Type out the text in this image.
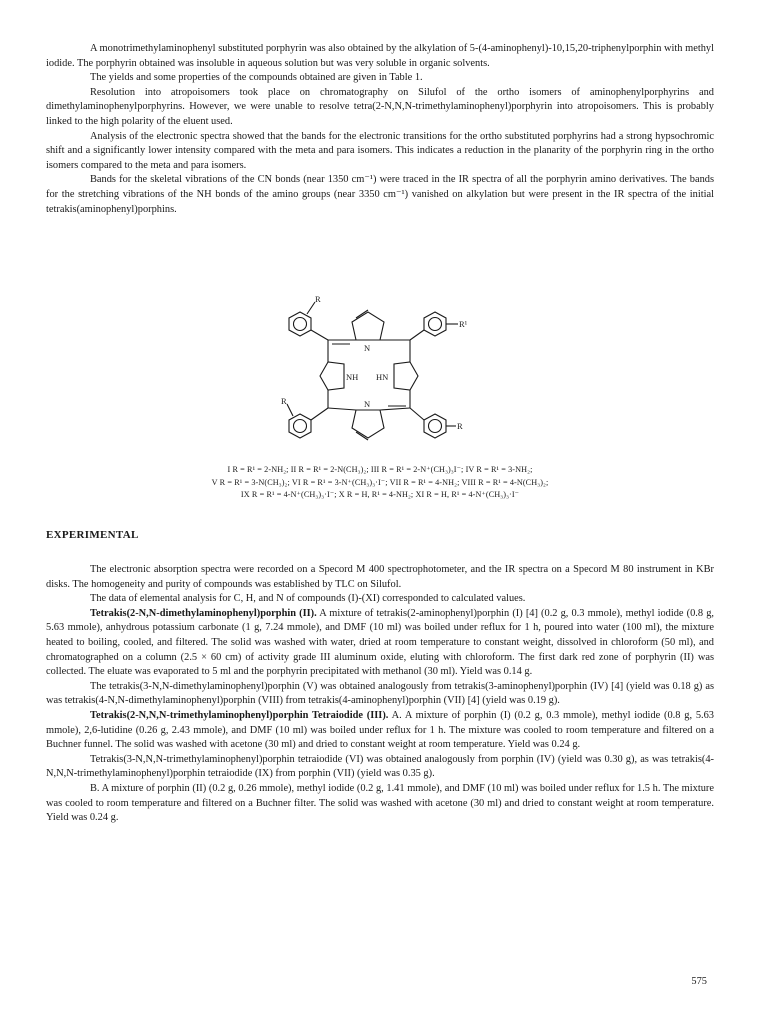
A monotrimethylaminophenyl substituted porphyrin was also obtained by the alkylation of 5-(4-aminophenyl)-10,15,20-triphenylporphin with methyl iodide. The porphyrin obtained was insoluble in aqueous solution but was very soluble in organic solvents.

The yields and some properties of the compounds obtained are given in Table 1.

Resolution into atropoisomers took place on chromatography on Silufol of the ortho isomers of aminophenylporphyrins and dimethylaminophenylporphyrins. However, we were unable to resolve tetra(2-N,N,N-trimethylaminophenyl)porphyrin into atropoisomers. This is probably linked to the high polarity of the eluent used.

Analysis of the electronic spectra showed that the bands for the electronic transitions for the ortho substituted porphyrins had a strong hypsochromic shift and a significantly lower intensity compared with the meta and para isomers. This indicates a reduction in the planarity of the porphyrin ring in the ortho isomers compared to the meta and para isomers.

Bands for the skeletal vibrations of the CN bonds (near 1350 cm⁻¹) were traced in the IR spectra of all the porphyrin amino derivatives. The bands for the stretching vibrations of the NH bonds of the amino groups (near 3350 cm⁻¹) vanished on alkylation but were present in the IR spectra of the initial tetrakis(aminophenyl)porphins.

R
R¹
R
R
N
N
NH HN
I R = R¹ = 2-NH₂; II R = R¹ = 2-N(CH₃)₂; III R = R¹ = 2-N⁺(CH₃)₃I⁻; IV R = R¹ = 3-NH₂;
V R = R¹ = 3-N(CH₃)₂; VI R = R¹ = 3-N⁺(CH₃)₃·I⁻; VII R = R¹ = 4-NH₂; VIII R = R¹ = 4-N(CH₃)₂;
IX R = R¹ = 4-N⁺(CH₃)₃·I⁻; X R = H, R¹ = 4-NH₂; XI R = H, R¹ = 4-N⁺(CH₃)₃·I⁻

EXPERIMENTAL

The electronic absorption spectra were recorded on a Specord M 400 spectrophotometer, and the IR spectra on a Specord M 80 instrument in KBr disks. The homogeneity and purity of compounds was established by TLC on Silufol.

The data of elemental analysis for C, H, and N of compounds (I)-(XI) corresponded to calculated values.

Tetrakis(2-N,N-dimethylaminophenyl)porphin (II). A mixture of tetrakis(2-aminophenyl)porphin (I) [4] (0.2 g, 0.3 mmole), methyl iodide (0.8 g, 5.63 mmole), anhydrous potassium carbonate (1 g, 7.24 mmole), and DMF (10 ml) was boiled under reflux for 1 h, poured into water (100 ml), the mixture heated to boiling, cooled, and filtered. The solid was washed with water, dried at room temperature to constant weight, dissolved in chloroform (50 ml), and chromatographed on a column (2.5 × 60 cm) of activity grade III aluminum oxide, eluting with chloroform. The first dark red zone of porphyrin (II) was collected. The eluate was evaporated to 5 ml and the porphyrin precipitated with methanol (30 ml). Yield was 0.14 g.

The tetrakis(3-N,N-dimethylaminophenyl)porphin (V) was obtained analogously from tetrakis(3-aminophenyl)porphin (IV) [4] (yield was 0.18 g) as was tetrakis(4-N,N-dimethylaminophenyl)porphin (VIII) from tetrakis(4-aminophenyl)porphin (VII) [4] (yield was 0.19 g).

Tetrakis(2-N,N,N-trimethylaminophenyl)porphin Tetraiodide (III). A. A mixture of porphin (I) (0.2 g, 0.3 mmole), methyl iodide (0.8 g, 5.63 mmole), 2,6-lutidine (0.26 g, 2.43 mmole), and DMF (10 ml) was boiled under reflux for 1 h. The mixture was cooled to room temperature and filtered on a Buchner funnel. The solid was washed with acetone (30 ml) and dried to constant weight at room temperature. Yield was 0.24 g.

Tetrakis(3-N,N,N-trimethylaminophenyl)porphin tetraiodide (VI) was obtained analogously from porphin (IV) (yield was 0.30 g), as was tetrakis(4-N,N,N-trimethylaminophenyl)porphin tetraiodide (IX) from porphin (VII) (yield was 0.35 g).

B. A mixture of porphin (II) (0.2 g, 0.26 mmole), methyl iodide (0.2 g, 1.41 mmole), and DMF (10 ml) was boiled under reflux for 1.5 h. The mixture was cooled to room temperature and filtered on a Buchner filter. The solid was washed with acetone (30 ml) and dried to constant weight at room temperature. Yield was 0.24 g.

575
